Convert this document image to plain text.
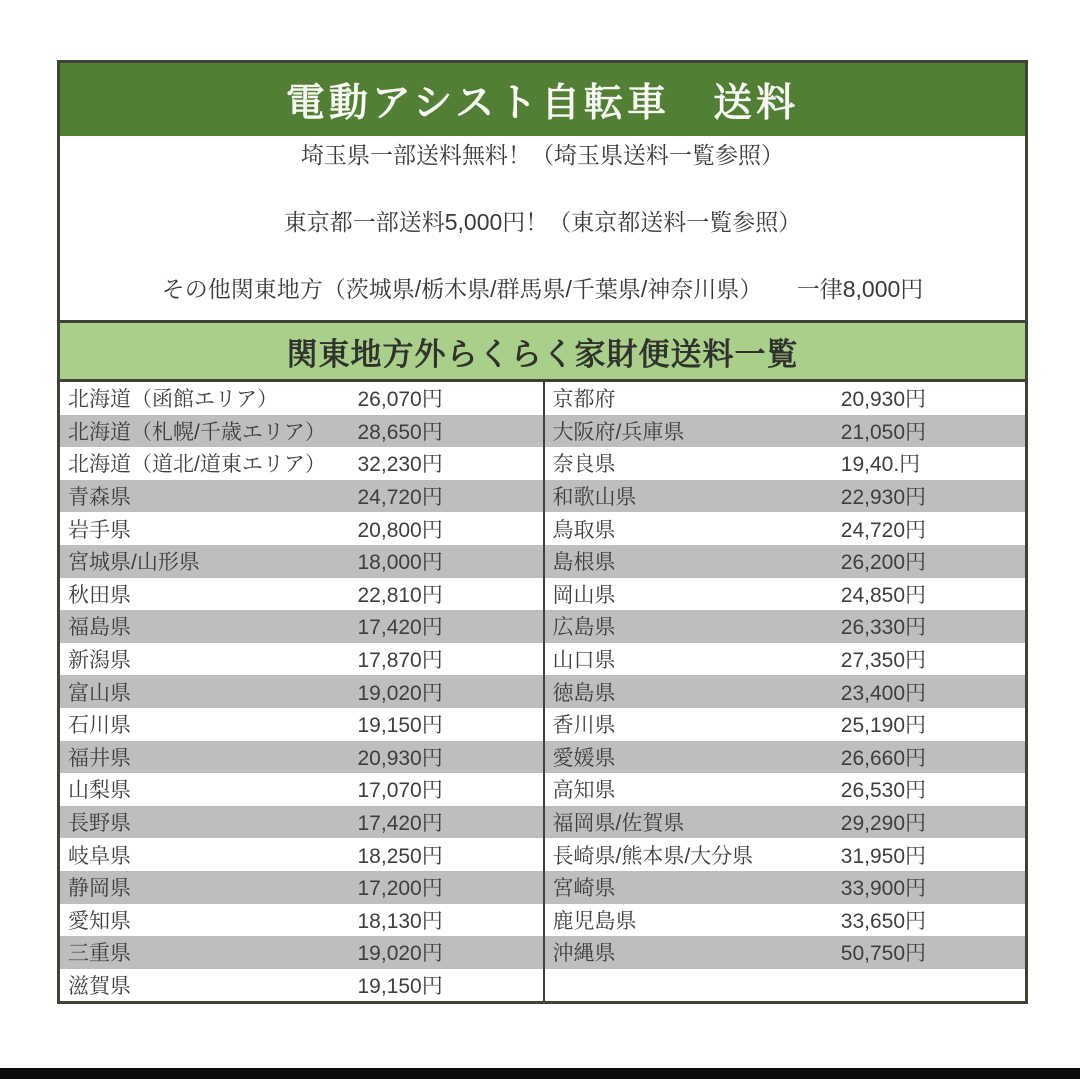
電動アシスト自転車　送料

埼玉県一部送料無料！（埼玉県送料一覧参照）

東京都一部送料5,000円！（東京都送料一覧参照）

その他関東地方（茨城県/栃木県/群馬県/千葉県/神奈川県）　　一律8,000円

関東地方外らくらく家財便送料一覧
北海道（函館エリア）	26,070円
北海道（札幌/千歳エリア）	28,650円
北海道（道北/道東エリア）	32,230円
青森県	24,720円
岩手県	20,800円
宮城県/山形県	18,000円
秋田県	22,810円
福島県	17,420円
新潟県	17,870円
富山県	19,020円
石川県	19,150円
福井県	20,930円
山梨県	17,070円
長野県	17,420円
岐阜県	18,250円
静岡県	17,200円
愛知県	18,130円
三重県	19,020円
滋賀県	19,150円
京都府	20,930円
大阪府/兵庫県	21,050円
奈良県	19,40.円
和歌山県	22,930円
鳥取県	24,720円
島根県	26,200円
岡山県	24,850円
広島県	26,330円
山口県	27,350円
徳島県	23,400円
香川県	25,190円
愛媛県	26,660円
高知県	26,530円
福岡県/佐賀県	29,290円
長崎県/熊本県/大分県	31,950円
宮崎県	33,900円
鹿児島県	33,650円
沖縄県	50,750円
